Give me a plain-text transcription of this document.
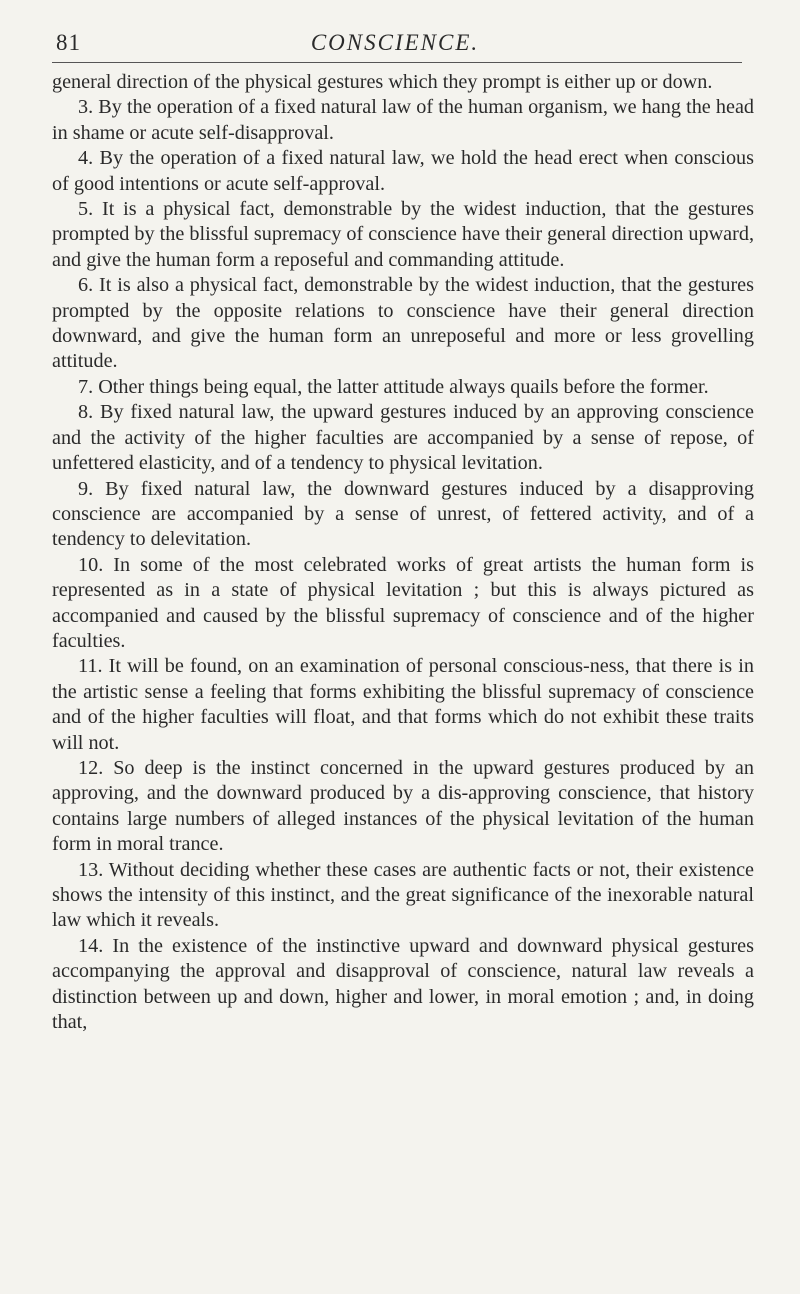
81	CONSCIENCE.

general direction of the physical gestures which they prompt is either up or down.

3. By the operation of a fixed natural law of the human organism, we hang the head in shame or acute self-disapproval.

4. By the operation of a fixed natural law, we hold the head erect when conscious of good intentions or acute self-approval.

5. It is a physical fact, demonstrable by the widest induction, that the gestures prompted by the blissful supremacy of conscience have their general direction upward, and give the human form a reposeful and commanding attitude.

6. It is also a physical fact, demonstrable by the widest induction, that the gestures prompted by the opposite relations to conscience have their general direction downward, and give the human form an unreposeful and more or less grovelling attitude.

7. Other things being equal, the latter attitude always quails before the former.

8. By fixed natural law, the upward gestures induced by an approving conscience and the activity of the higher faculties are accompanied by a sense of repose, of unfettered elasticity, and of a tendency to physical levitation.

9. By fixed natural law, the downward gestures induced by a disapproving conscience are accompanied by a sense of unrest, of fettered activity, and of a tendency to delevitation.

10. In some of the most celebrated works of great artists the human form is represented as in a state of physical levitation ; but this is always pictured as accompanied and caused by the blissful supremacy of conscience and of the higher faculties.

11. It will be found, on an examination of personal conscious-ness, that there is in the artistic sense a feeling that forms exhibiting the blissful supremacy of conscience and of the higher faculties will float, and that forms which do not exhibit these traits will not.

12. So deep is the instinct concerned in the upward gestures produced by an approving, and the downward produced by a dis-approving conscience, that history contains large numbers of alleged instances of the physical levitation of the human form in moral trance.

13. Without deciding whether these cases are authentic facts or not, their existence shows the intensity of this instinct, and the great significance of the inexorable natural law which it reveals.

14. In the existence of the instinctive upward and downward physical gestures accompanying the approval and disapproval of conscience, natural law reveals a distinction between up and down, higher and lower, in moral emotion ; and, in doing that,
